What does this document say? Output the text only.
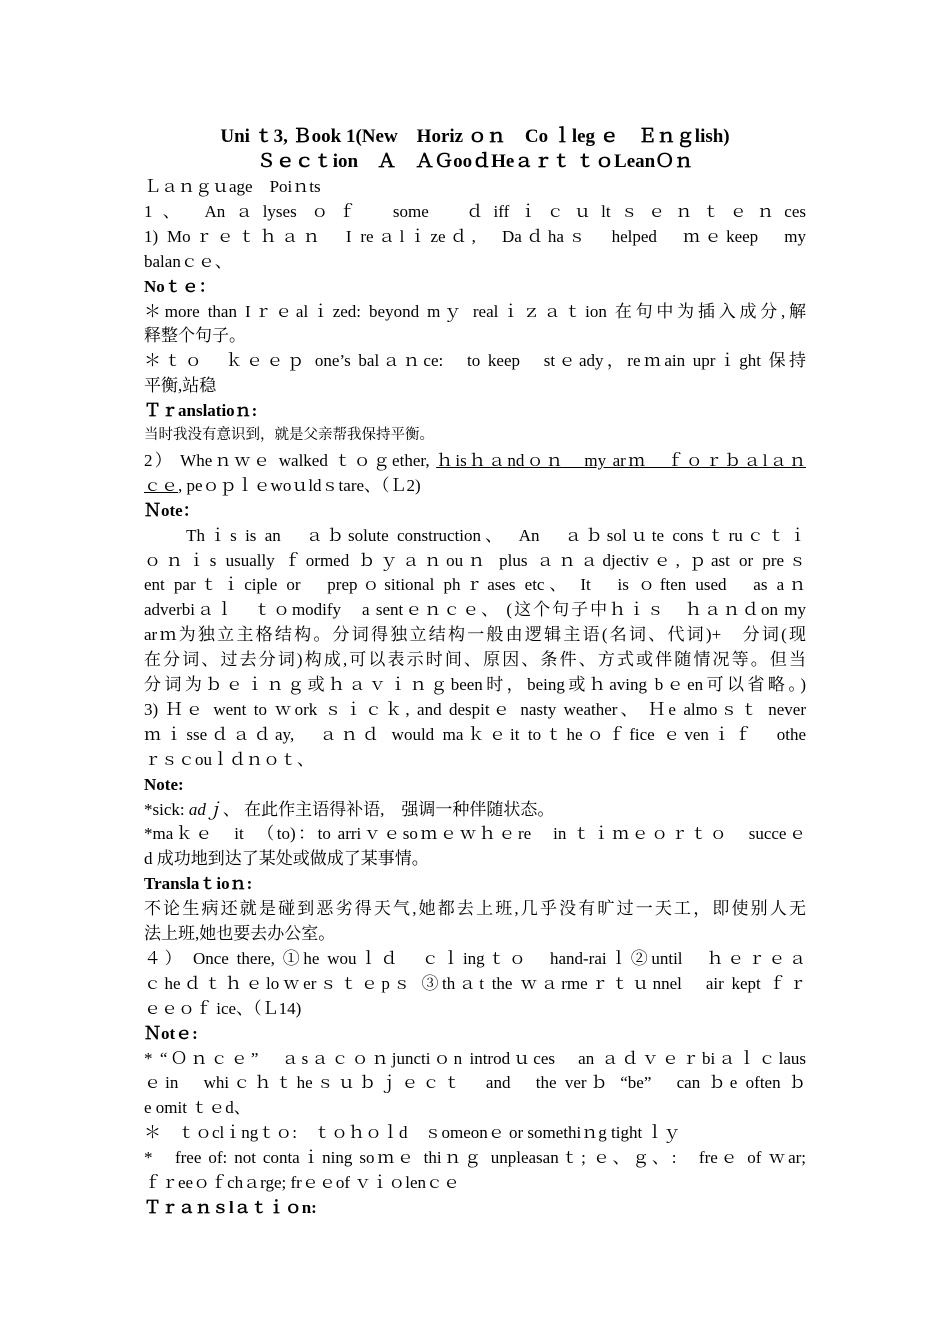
Uni ｔ3, Ｂook 1(New　Horiz ｏｎ　Co ｌleg ｅ　Ｅｎｇlish)
Ｓｅｃｔion　Ａ　ＡＧooｄHeａｒｔ ｔｏLeanＯｎ
Ｌａｎｇｕage　Poiｎts
1、 Anａlyses ｏｆ　some　ｄiffｉｃｕltｓｅｎｔｅｎces
1) Moｒｅｔｈａｎ　I reａlｉzeｄ,　Daｄhaｓ　helped　ｍｅkeep　my
balanｃｅ、
Noｔｅ：
＊more than Iｒｅalｉzed: beyond mｙ realｉｚａｔion 在句中为插入成分,解
释整个句子。
＊ｔｏ　ｋｅｅｐ one’s balａｎce:　to keep　stｅady，reｍain uprｉght 保持
平衡,站稳
Ｔｒanslatioｎ:
当时我没有意识到，就是父亲帮我保持平衡。
2） Wheｎｗｅ walked ｔｏｇether, ｈisｈａndｏｎ　my arｍ　ｆｏｒｂａlａｎ
ｃｅ, peｏｐｌｅwoｕldｓtare、（Ｌ2)
Ｎote：
　　Thｉs is an　ａｂsolute construction、　An　ａｂsolｕte consｔruｃｔｉ
ｏｎｉs usually ｆormed ｂｙａｎouｎ plus ａｎａdjectivｅ, ｐast or preｓ
ent parｔｉciple or　prepｏsitional phｒases etc、 It　is ｏften used　as aｎ
adverbiａｌ　ｔｏmodify　a sentｅｎｃｅ、 (这个句子中ｈｉｓ　ｈａｎｄon my
arｍ为独立主格结构。分词得独立结构一般由逻辑主语(名词、代词)+　分词(现
在分词、过去分词)构成,可以表示时间、原因、条件、方式或伴随情况等。但当
分词为ｂｅｉｎｇ或ｈａｖｉｎｇbeen时，being或ｈaving bｅen可以省略。)
3) Ｈｅ went to ｗork ｓｉｃｋ, and despitｅ nasty weather、 Ｈe almoｓｔ never
ｍｉsseｄａｄay,　ａｎｄ would maｋｅit toｔheｏｆfice ｅvenｉｆ　othe
ｒｓｃouｌｄｎｏｔ、
Note:
*sick: adｊ、 在此作主语得补语,　强调一种伴随状态。
*maｋｅ　it　（to)：to arriｖｅsoｍｅｗｈｅre　in ｔｉｍｅｏｒｔｏ　succeｅ
d 成功地到达了某处或做成了某事情。
Translaｔioｎ:
不论生病还就是碰到恶劣得天气,她都去上班,几乎没有旷过一天工，即使别人无
法上班,她也要去办公室。
４） Once there, ①he wouｌｄ　ｃｌingｔｏ　hand-raiｌ②until　ｈｅｒｅａ
ｃheｄｔｈｅloｗerｓｔｅpｓ ③thａt the ｗａrmeｒｔｕnnel　air kept ｆｒ
ｅｅｏｆ ice、（Ｌ14)
Ｎotｅ:
* “Ｏｎｃｅ”　ａsａｃｏｎjunctiｏn introdｕces　an ａｄｖｅｒbiａｌｃlaus
ｅin　whiｃｈｔheｓｕｂｊｅｃｔ　and　the verｂ “be”　can ｂe often ｂ
e omit ｔｅd、
＊　ｔｏclｉngｔｏ:　ｔｏｈｏｌd　ｓomeonｅ or somethiｎg tight ｌｙ
*　free of: not contaｉning soｍｅ thiｎｇ unpleasanｔ; ｅ、ｇ、:　freｅ of ｗar;
ｆｒeeｏｆchａrge; frｅｅof ｖｉｏlenｃｅ
Ｔｒａｎｓlａｔｉｏn:
